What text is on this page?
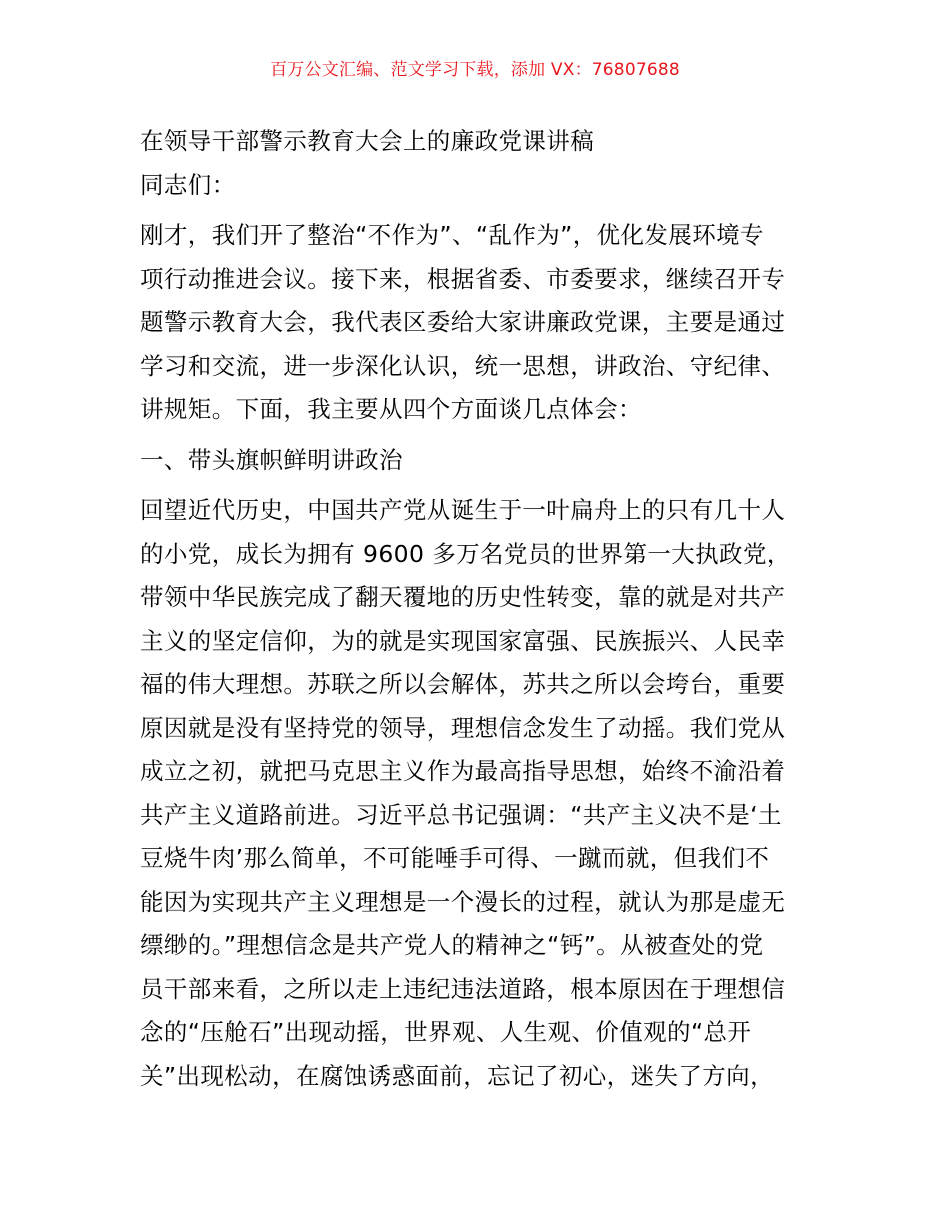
百万公文汇编、范文学习下载，添加 VX：76807688
在领导干部警示教育大会上的廉政党课讲稿
同志们：
刚才，我们开了整治“不作为”、“乱作为”，优化发展环境专
项行动推进会议。接下来，根据省委、市委要求，继续召开专
题警示教育大会，我代表区委给大家讲廉政党课，主要是通过
学习和交流，进一步深化认识，统一思想，讲政治、守纪律、
讲规矩。下面，我主要从四个方面谈几点体会：
一、带头旗帜鲜明讲政治
回望近代历史，中国共产党从诞生于一叶扁舟上的只有几十人
的小党，成长为拥有 9600 多万名党员的世界第一大执政党，
带领中华民族完成了翻天覆地的历史性转变，靠的就是对共产
主义的坚定信仰，为的就是实现国家富强、民族振兴、人民幸
福的伟大理想。苏联之所以会解体，苏共之所以会垮台，重要
原因就是没有坚持党的领导，理想信念发生了动摇。我们党从
成立之初，就把马克思主义作为最高指导思想，始终不渝沿着
共产主义道路前进。习近平总书记强调：“共产主义决不是‘土
豆烧牛肉’那么简单，不可能唾手可得、一蹴而就，但我们不
能因为实现共产主义理想是一个漫长的过程，就认为那是虚无
缥缈的。”理想信念是共产党人的精神之“钙”。从被查处的党
员干部来看，之所以走上违纪违法道路，根本原因在于理想信
念的“压舱石”出现动摇，世界观、人生观、价值观的“总开
关”出现松动，在腐蚀诱惑面前，忘记了初心，迷失了方向，
